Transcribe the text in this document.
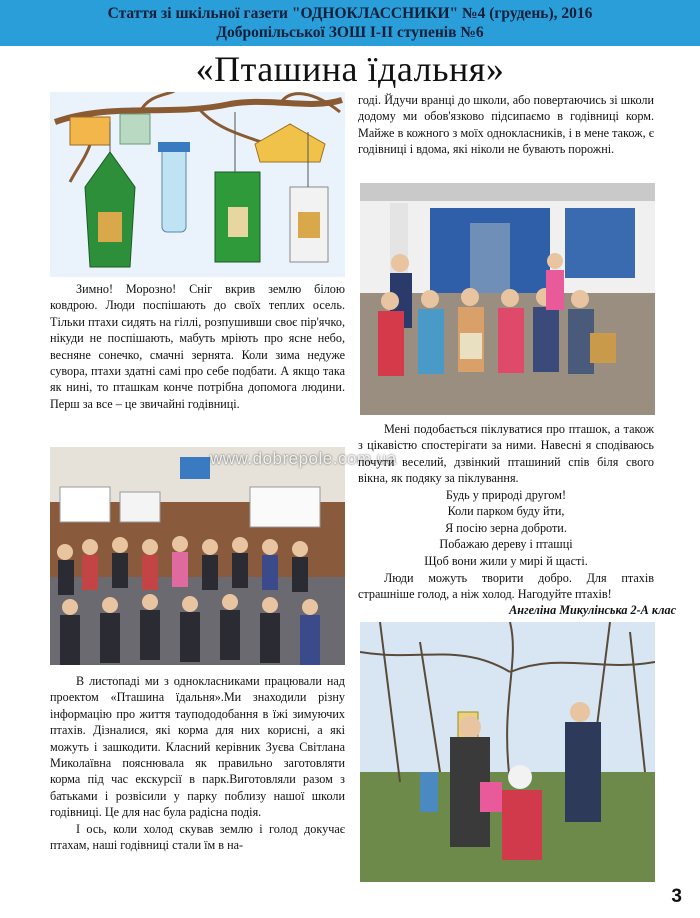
Стаття зі шкільної газети "ОДНОКЛАССНИКИ" №4 (грудень), 2016
Добропільської ЗОШ І-ІІ ступенів №6
«Пташина їдальня»

Зимно! Морозно! Сніг вкрив землю білою ковдрою. Люди поспішають до своїх теплих осель. Тільки птахи сидять на гіллі, розпушивши своє пір'ячко, нікуди не поспішають, мабуть мріють про ясне небо, весняне сонечко, смачні зернята. Коли зима недуже сувора, птахи здатні самі про себе подбати. А якщо така як нині, то пташкам конче потрібна допомога людини. Перш за все – це звичайні годівниці.

www.dobrepole.com.ua

В листопаді ми з однокласниками працювали над проектом «Пташина їдальня».Ми знаходили різну інформацію про життя таупододобання в їжі зимуючих птахів. Дізналися, які корма для них корисні, а які можуть і зашкодити. Класний керівник Зуєва Світлана Миколаївна пояснювала як правильно заготовляти корма під час екскурсії в парк.Виготовляли разом з батьками і розвісили у парку поблизу нашої школи годівниці. Це для нас була радісна подія.

І ось, коли холод скував землю і голод докучає птахам, наші годівниці стали їм в на-

годі. Йдучи вранці до школи, або повертаючись зі школи додому ми обов'язково підсипаємо в годівниці корм. Майже в кожного з моїх однокласників, і в мене також, є годівниці і вдома, які ніколи не бувають порожні.

Мені подобається піклуватися про пташок, а також з цікавістю спостерігати за ними. Навесні я сподіваюсь почути веселий, дзвінкий пташиний спів біля свого вікна, як подяку за піклування.

Будь у природі другом!

Коли парком буду йти,

Я посію зерна доброти.

Побажаю дереву і пташці

Щоб вони жили у мирі й щасті.

Люди можуть творити добро. Для птахів страшніше голод, а ніж холод. Нагодуйте птахів!

Ангеліна Микулінська 2-А клас
3
